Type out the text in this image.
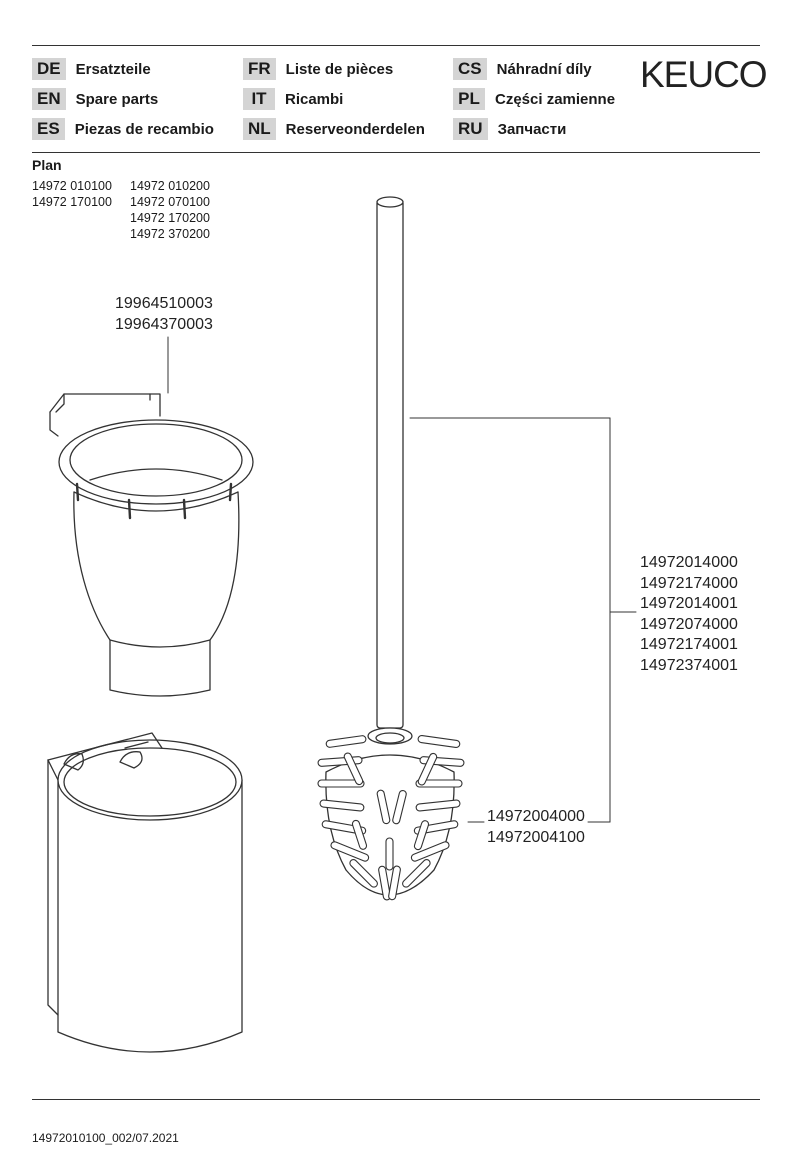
DE	Ersatzteile
EN	Spare parts
ES	Piezas de recambio
FR	Liste de pièces
IT	Ricambi
NL	Reserveonderdelen
CS	Náhradní díly
PL	Części zamienne
RU	Запчасти
KEUCO
Plan
14972 010100
14972 170100
14972 010200
14972 070100
14972 170200
14972 370200
19964510003
19964370003
14972014000
14972174000
14972014001
14972074000
14972174001
14972374001
14972004000
14972004100
14972010100_002/07.2021
